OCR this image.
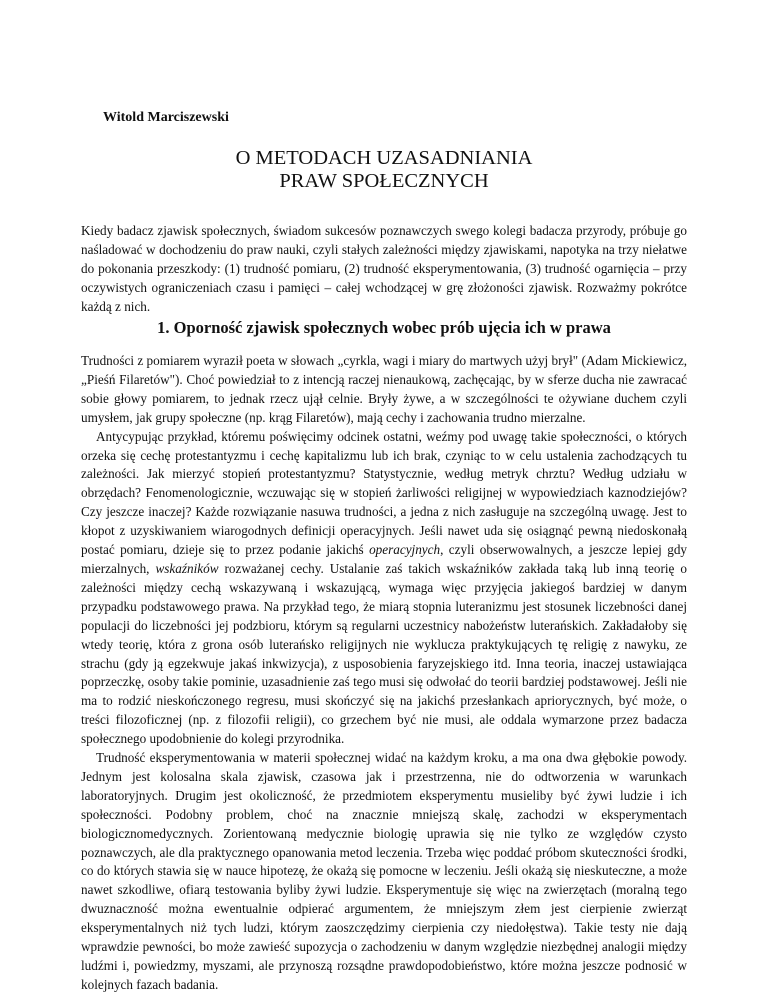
Witold Marciszewski

O METODACH UZASADNIANIA
PRAW SPOŁECZNYCH

Kiedy badacz zjawisk społecznych, świadom sukcesów poznawczych swego kolegi badacza przyrody, próbuje go naśladować w dochodzeniu do praw nauki, czyli stałych zależności między zjawiskami, napotyka na trzy niełatwe do pokonania przeszkody: (1) trudność pomiaru, (2) trudność eksperymentowania, (3) trudność ogarnięcia – przy oczywistych ograniczeniach czasu i pamięci – całej wchodzącej w grę złożoności zjawisk. Rozważmy pokrótce każdą z nich.

1. Oporność zjawisk społecznych wobec prób ujęcia ich w prawa

Trudności z pomiarem wyraził poeta w słowach „cyrkla, wagi i miary do martwych użyj brył" (Adam Mickiewicz, „Pieśń Filaretów"). Choć powiedział to z intencją raczej nienaukową, zachęcając, by w sferze ducha nie zawracać sobie głowy pomiarem, to jednak rzecz ujął celnie. Bryły żywe, a w szczególności te ożywiane duchem czyli umysłem, jak grupy społeczne (np. krąg Filaretów), mają cechy i zachowania trudno mierzalne.

Antycypując przykład, któremu poświęcimy odcinek ostatni, weźmy pod uwagę takie społeczności, o których orzeka się cechę protestantyzmu i cechę kapitalizmu lub ich brak, czyniąc to w celu ustalenia zachodzących tu zależności. Jak mierzyć stopień protestantyzmu? Statystycznie, według metryk chrztu? Według udziału w obrzędach? Fenomenologicznie, wczuwając się w stopień żarliwości religijnej w wypowiedziach kaznodziejów? Czy jeszcze inaczej? Każde rozwiązanie nasuwa trudności, a jedna z nich zasługuje na szczególną uwagę. Jest to kłopot z uzyskiwaniem wiarogodnych definicji operacyjnych. Jeśli nawet uda się osiągnąć pewną niedoskonałą postać pomiaru, dzieje się to przez podanie jakichś operacyjnych, czyli obserwowalnych, a jeszcze lepiej gdy mierzalnych, wskaźników rozważanej cechy. Ustalanie zaś takich wskaźników zakłada taką lub inną teorię o zależności między cechą wskazywaną i wskazującą, wymaga więc przyjęcia jakiegoś bardziej w danym przypadku podstawowego prawa. Na przykład tego, że miarą stopnia luteranizmu jest stosunek liczebności danej populacji do liczebności jej podzbioru, którym są regularni uczestnicy nabożeństw luterańskich. Zakładałoby się wtedy teorię, która z grona osób luterańsko religijnych nie wyklucza praktykujących tę religię z nawyku, ze strachu (gdy ją egzekwuje jakaś inkwizycja), z usposobienia faryzejskiego itd. Inna teoria, inaczej ustawiająca poprzeczkę, osoby takie pominie, uzasadnienie zaś tego musi się odwołać do teorii bardziej podstawowej. Jeśli nie ma to rodzić nieskończonego regresu, musi skończyć się na jakichś przesłankach apriorycznych, być może, o treści filozoficznej (np. z filozofii religii), co grzechem być nie musi, ale oddala wymarzone przez badacza społecznego upodobnienie do kolegi przyrodnika.

Trudność eksperymentowania w materii społecznej widać na każdym kroku, a ma ona dwa głębokie powody. Jednym jest kolosalna skala zjawisk, czasowa jak i przestrzenna, nie do odtworzenia w warunkach laboratoryjnych. Drugim jest okoliczność, że przedmiotem eksperymentu musieliby być żywi ludzie i ich społeczności. Podobny problem, choć na znacznie mniejszą skalę, zachodzi w eksperymentach biologicznomedycznych. Zorientowaną medycznie biologię uprawia się nie tylko ze względów czysto poznawczych, ale dla praktycznego opanowania metod leczenia. Trzeba więc poddać próbom skuteczności środki, co do których stawia się w nauce hipotezę, że okażą się pomocne w leczeniu. Jeśli okażą się nieskuteczne, a może nawet szkodliwe, ofiarą testowania byliby żywi ludzie. Eksperymentuje się więc na zwierzętach (moralną tego dwuznaczność można ewentualnie odpierać argumentem, że mniejszym złem jest cierpienie zwierząt eksperymentalnych niż tych ludzi, którym zaoszczędzimy cierpienia czy niedołęstwa). Takie testy nie dają wprawdzie pewności, bo może zawieść supozycja o zachodzeniu w danym względzie niezbędnej analogii między ludźmi i, powiedzmy, myszami, ale przynoszą rozsądne prawdopodobieństwo, które można jeszcze podnosić w kolejnych fazach badania.
